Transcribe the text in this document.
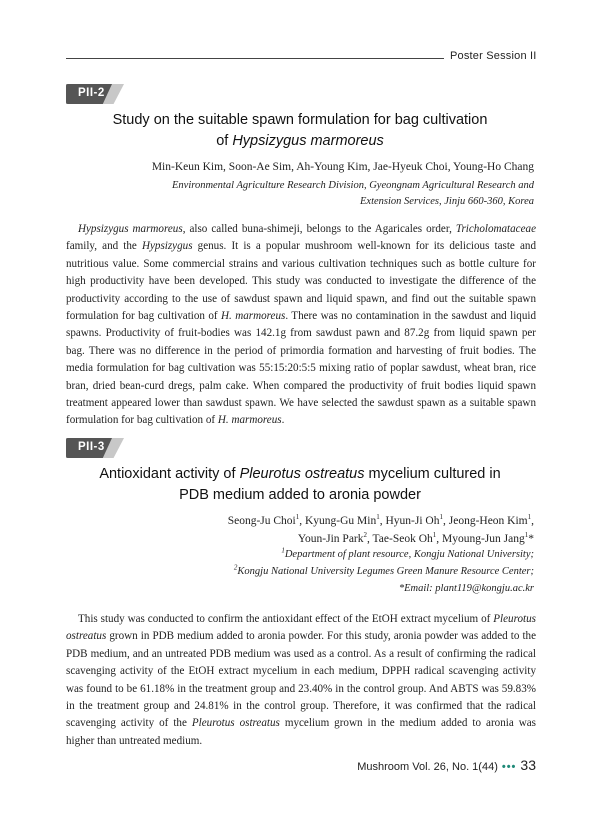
Poster Session II
PII-2
Study on the suitable spawn formulation for bag cultivation
of Hypsizygus marmoreus
Min-Keun Kim, Soon-Ae Sim, Ah-Young Kim, Jae-Hyeuk Choi, Young-Ho Chang
Environmental Agriculture Research Division, Gyeongnam Agricultural Research and
Extension Services, Jinju 660-360, Korea

Hypsizygus marmoreus, also called buna-shimeji, belongs to the Agaricales order, Tricholomataceae family, and the Hypsizygus genus. It is a popular mushroom well-known for its delicious taste and nutritious value. Some commercial strains and various cultivation techniques such as bottle culture for high productivity have been developed. This study was conducted to investigate the difference of the productivity according to the use of sawdust spawn and liquid spawn, and find out the suitable spawn formulation for bag cultivation of H. marmoreus. There was no contamination in the sawdust and liquid spawns. Productivity of fruit-bodies was 142.1g from sawdust pawn and 87.2g from liquid spawn per bag. There was no difference in the period of primordia formation and harvesting of fruit bodies. The media formulation for bag cultivation was 55:15:20:5:5 mixing ratio of poplar sawdust, wheat bran, rice bran, dried bean-curd dregs, palm cake. When compared the productivity of fruit bodies liquid spawn treatment appeared lower than sawdust spawn. We have selected the sawdust spawn as a suitable spawn formulation for bag cultivation of H. marmoreus.

PII-3
Antioxidant activity of Pleurotus ostreatus mycelium cultured in
PDB medium added to aronia powder
Seong-Ju Choi$^1$, Kyung-Gu Min$^1$, Hyun-Ji Oh$^1$, Jeong-Heon Kim$^1$,
Youn-Jin Park$^2$, Tae-Seok Oh$^1$, Myoung-Jun Jang$^1$*
$^1$Department of plant resource, Kongju National University;
$^2$Kongju National University Legumes Green Manure Resource Center;
*Email: plant119@kongju.ac.kr

This study was conducted to confirm the antioxidant effect of the EtOH extract mycelium of Pleurotus ostreatus grown in PDB medium added to aronia powder. For this study, aronia powder was added to the PDB medium, and an untreated PDB medium was used as a control. As a result of confirming the radical scavenging activity of the EtOH extract mycelium in each medium, DPPH radical scavenging activity was found to be 61.18% in the treatment group and 23.40% in the control group. And ABTS was 59.83% in the treatment group and 24.81% in the control group. Therefore, it was confirmed that the radical scavenging activity of the Pleurotus ostreatus mycelium grown in the medium added to aronia was higher than untreated medium.

Mushroom Vol. 26, No. 1(44) ••• 33
